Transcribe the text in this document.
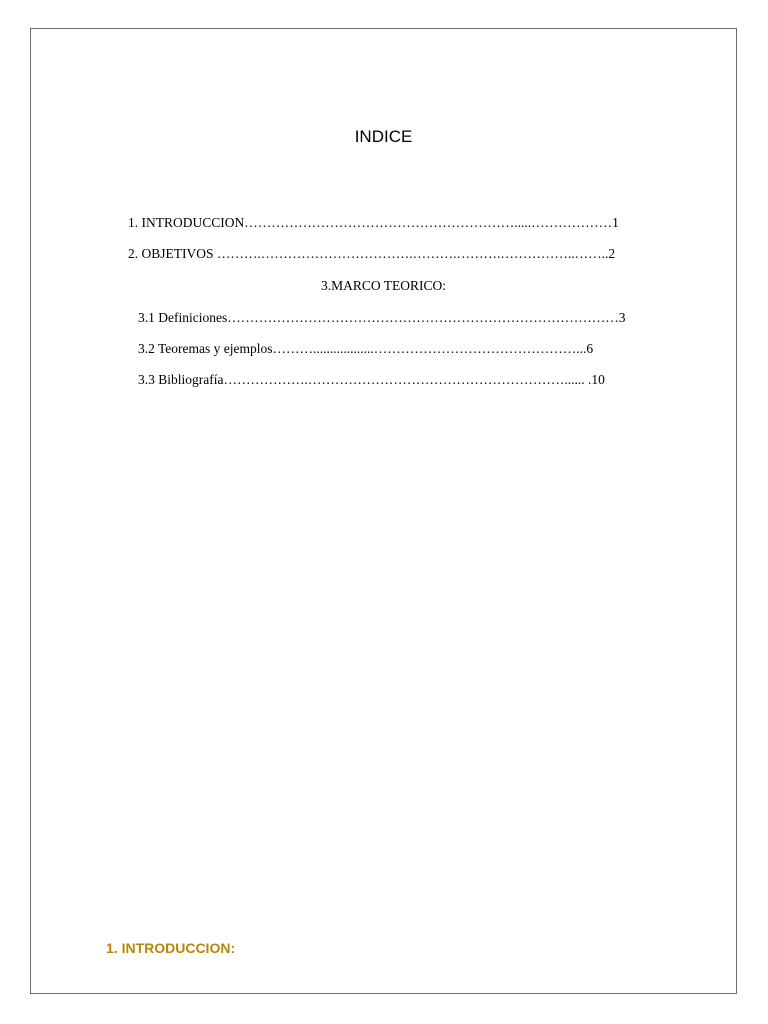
INDICE
1. INTRODUCCION…………………………………………………….....………………1
2. OBJETIVOS ……….…………………………….……….……….……………..……..2
3.MARCO TEORICO:
3.1 Definiciones……………………………………………………………………………3
3.2 Teoremas y ejemplos………..................………………………………………...6
3.3 Bibliografía……………….…………………………………………………...... .10
1. INTRODUCCION:
